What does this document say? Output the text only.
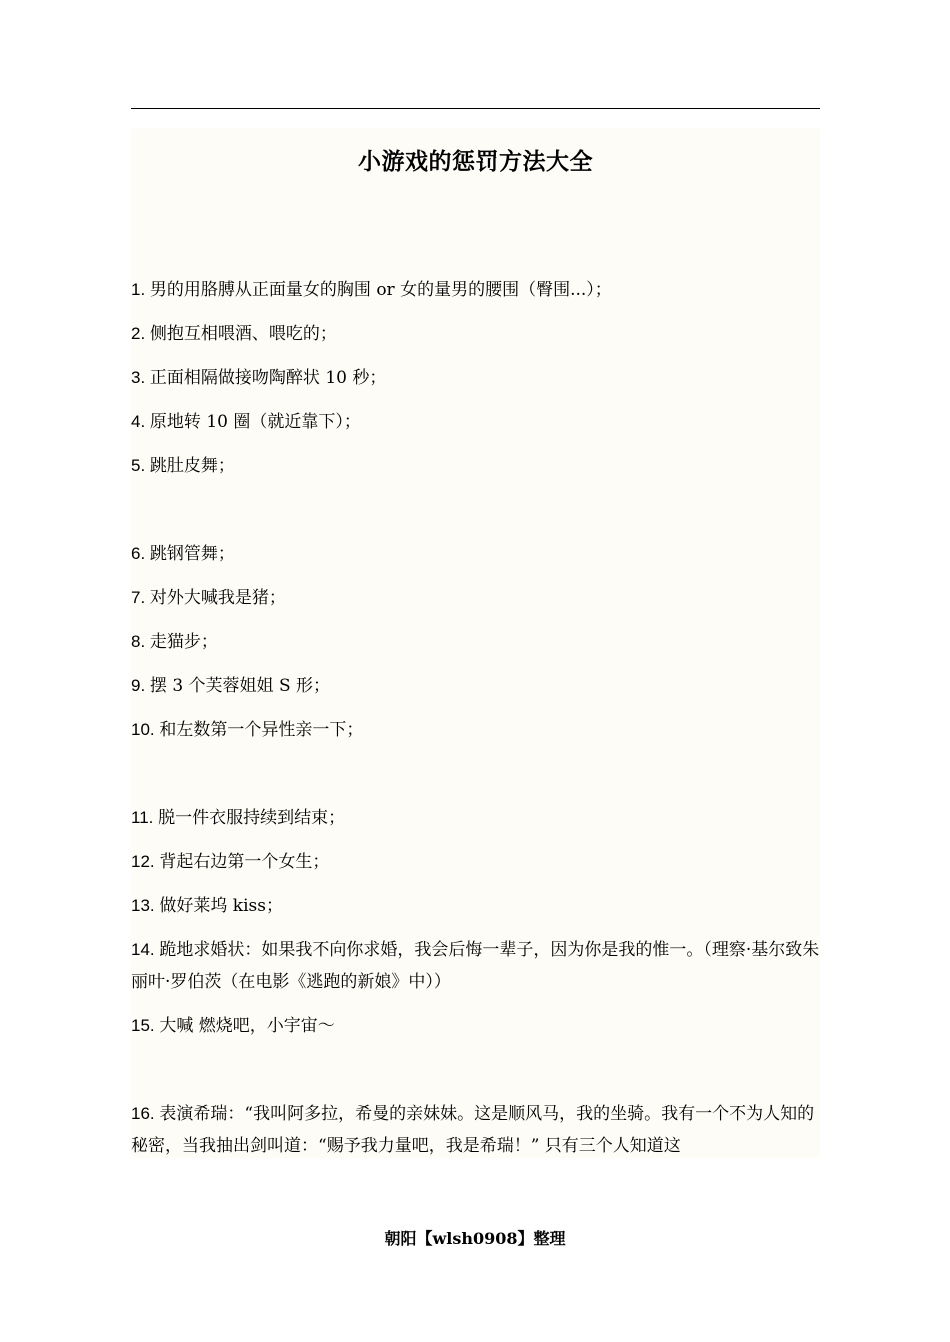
小游戏的惩罚方法大全
1. 男的用胳膊从正面量女的胸围 or 女的量男的腰围（臀围...）；
2. 侧抱互相喂酒、喂吃的；
3. 正面相隔做接吻陶醉状 10 秒；
4. 原地转 10 圈（就近靠下）；
5. 跳肚皮舞；
6. 跳钢管舞；
7. 对外大喊我是猪；
8. 走猫步；
9. 摆 3 个芙蓉姐姐 S 形；
10. 和左数第一个异性亲一下；
11. 脱一件衣服持续到结束；
12. 背起右边第一个女生；
13. 做好莱坞 kiss；
14. 跪地求婚状：如果我不向你求婚，我会后悔一辈子，因为你是我的惟一。（理察·基尔致朱丽叶·罗伯茨（在电影《逃跑的新娘》中））
15. 大喊 燃烧吧，小宇宙～
16. 表演希瑞：“我叫阿多拉，希曼的亲妹妹。这是顺风马，我的坐骑。我有一个不为人知的秘密，当我抽出剑叫道：“赐予我力量吧，我是希瑞！” 只有三个人知道这
朝阳【wlsh0908】整理
